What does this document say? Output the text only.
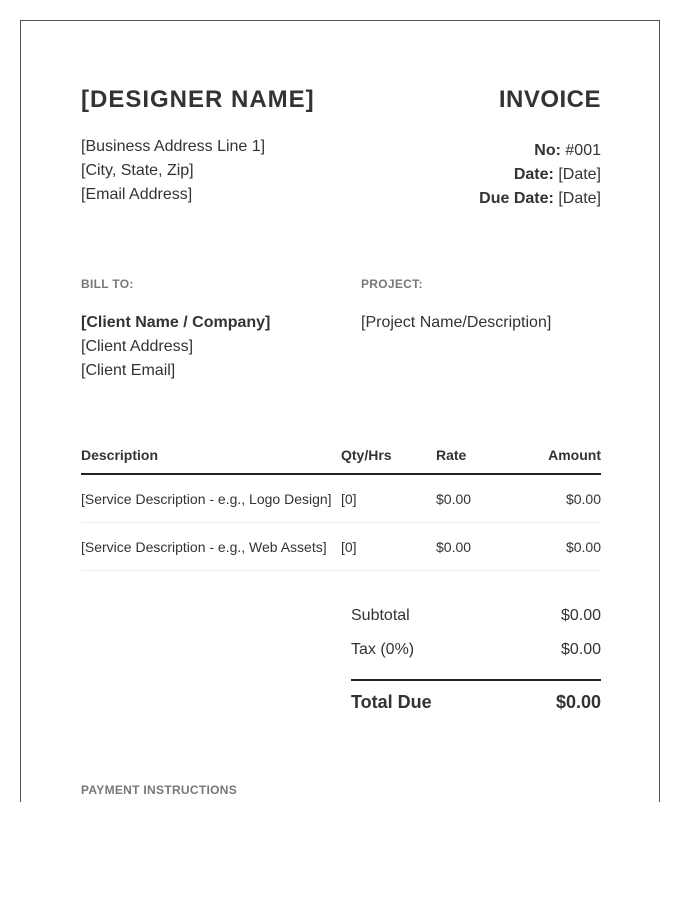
[DESIGNER NAME]	INVOICE
[Business Address Line 1]
[City, State, Zip]
[Email Address]
No: #001
Date: [Date]
Due Date: [Date]
BILL TO:	PROJECT:
[Client Name / Company]
[Client Address]
[Client Email]
[Project Name/Description]
Description	Qty/Hrs	Rate	Amount
[Service Description - e.g., Logo Design]	[0]	$0.00	$0.00
[Service Description - e.g., Web Assets]	[0]	$0.00	$0.00
Subtotal	$0.00
Tax (0%)	$0.00
Total Due	$0.00
PAYMENT INSTRUCTIONS
